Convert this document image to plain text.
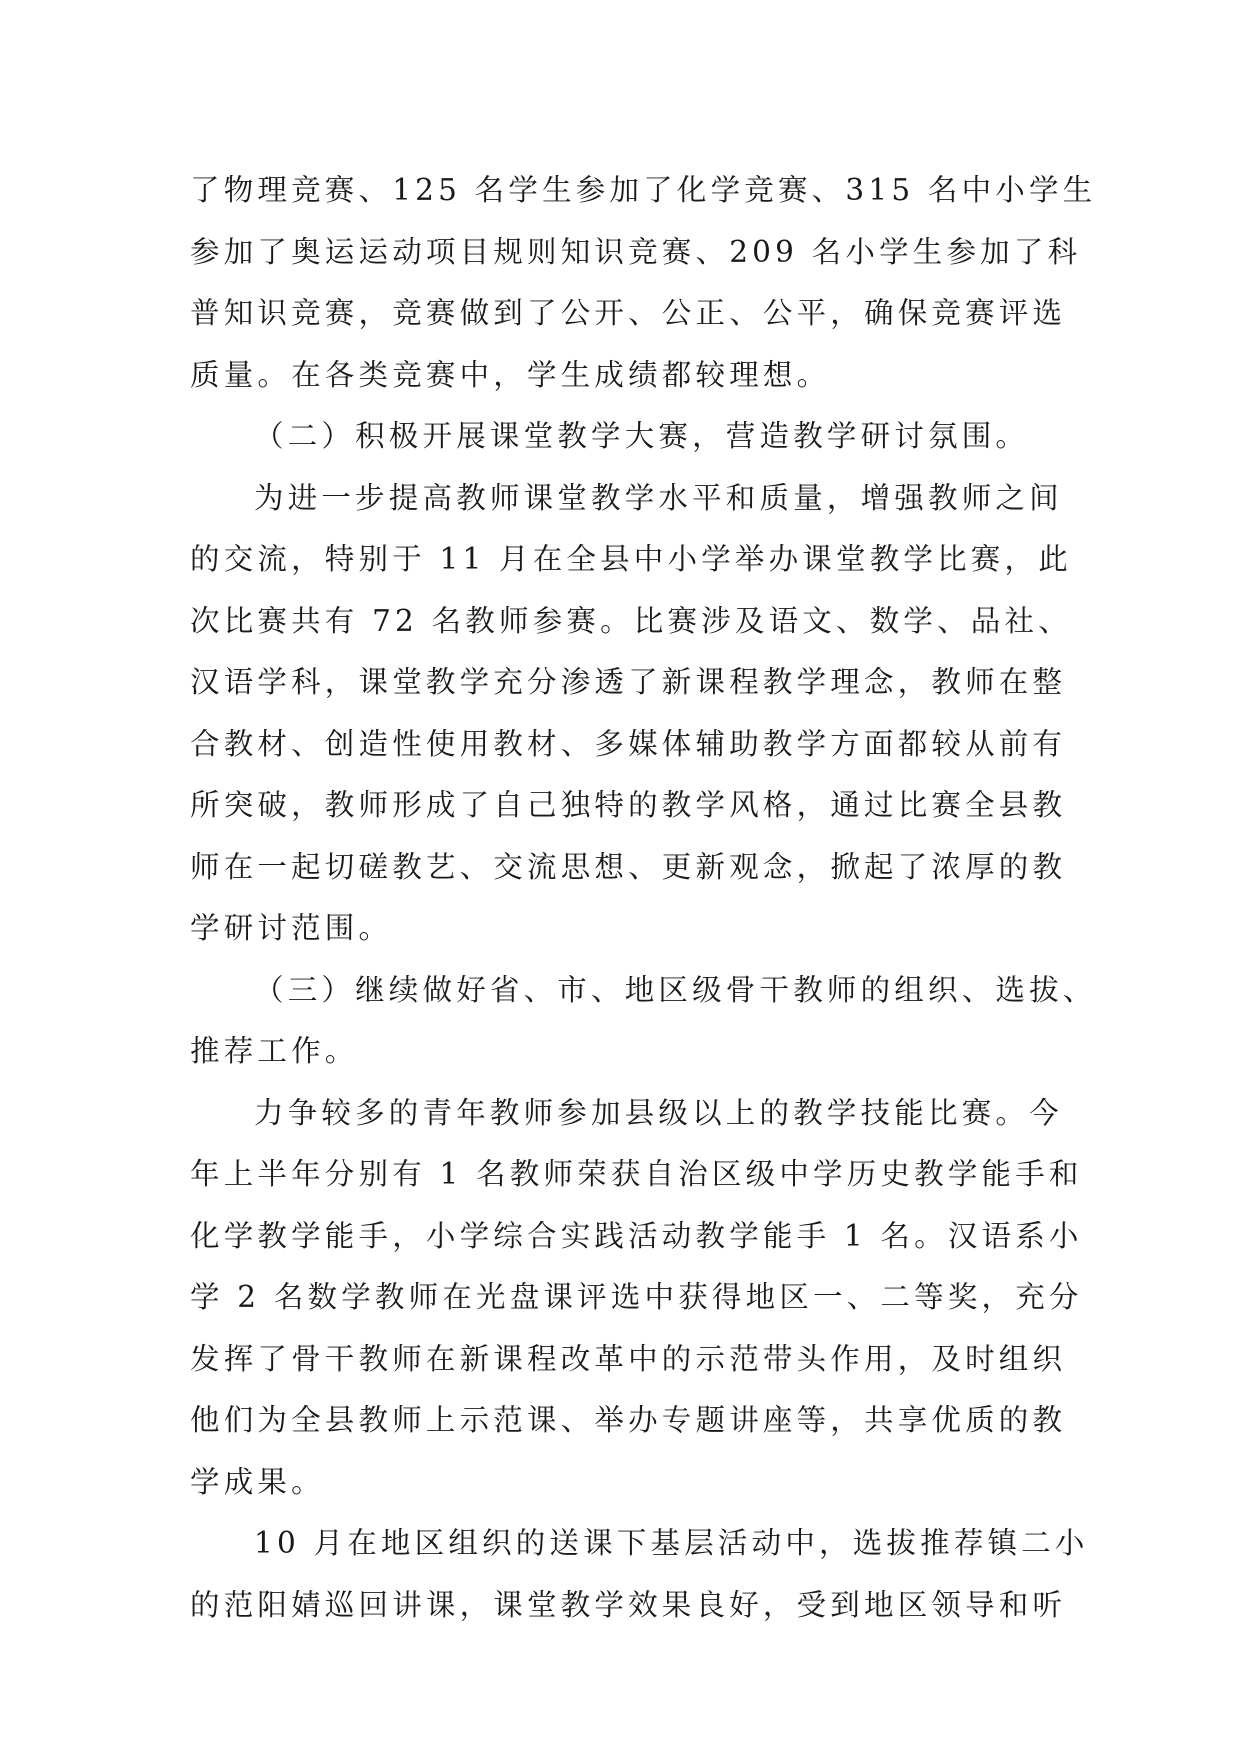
了物理竞赛、125 名学生参加了化学竞赛、315 名中小学生
参加了奥运运动项目规则知识竞赛、209 名小学生参加了科
普知识竞赛，竞赛做到了公开、公正、公平，确保竞赛评选
质量。在各类竞赛中，学生成绩都较理想。
（二）积极开展课堂教学大赛，营造教学研讨氛围。
为进一步提高教师课堂教学水平和质量，增强教师之间
的交流，特别于 11 月在全县中小学举办课堂教学比赛，此
次比赛共有 72 名教师参赛。比赛涉及语文、数学、品社、
汉语学科，课堂教学充分渗透了新课程教学理念，教师在整
合教材、创造性使用教材、多媒体辅助教学方面都较从前有
所突破，教师形成了自己独特的教学风格，通过比赛全县教
师在一起切磋教艺、交流思想、更新观念，掀起了浓厚的教
学研讨范围。
（三）继续做好省、市、地区级骨干教师的组织、选拔、
推荐工作。
力争较多的青年教师参加县级以上的教学技能比赛。今
年上半年分别有 1 名教师荣获自治区级中学历史教学能手和
化学教学能手，小学综合实践活动教学能手 1 名。汉语系小
学 2 名数学教师在光盘课评选中获得地区一、二等奖，充分
发挥了骨干教师在新课程改革中的示范带头作用，及时组织
他们为全县教师上示范课、举办专题讲座等，共享优质的教
学成果。
10 月在地区组织的送课下基层活动中，选拔推荐镇二小
的范阳婧巡回讲课，课堂教学效果良好，受到地区领导和听
